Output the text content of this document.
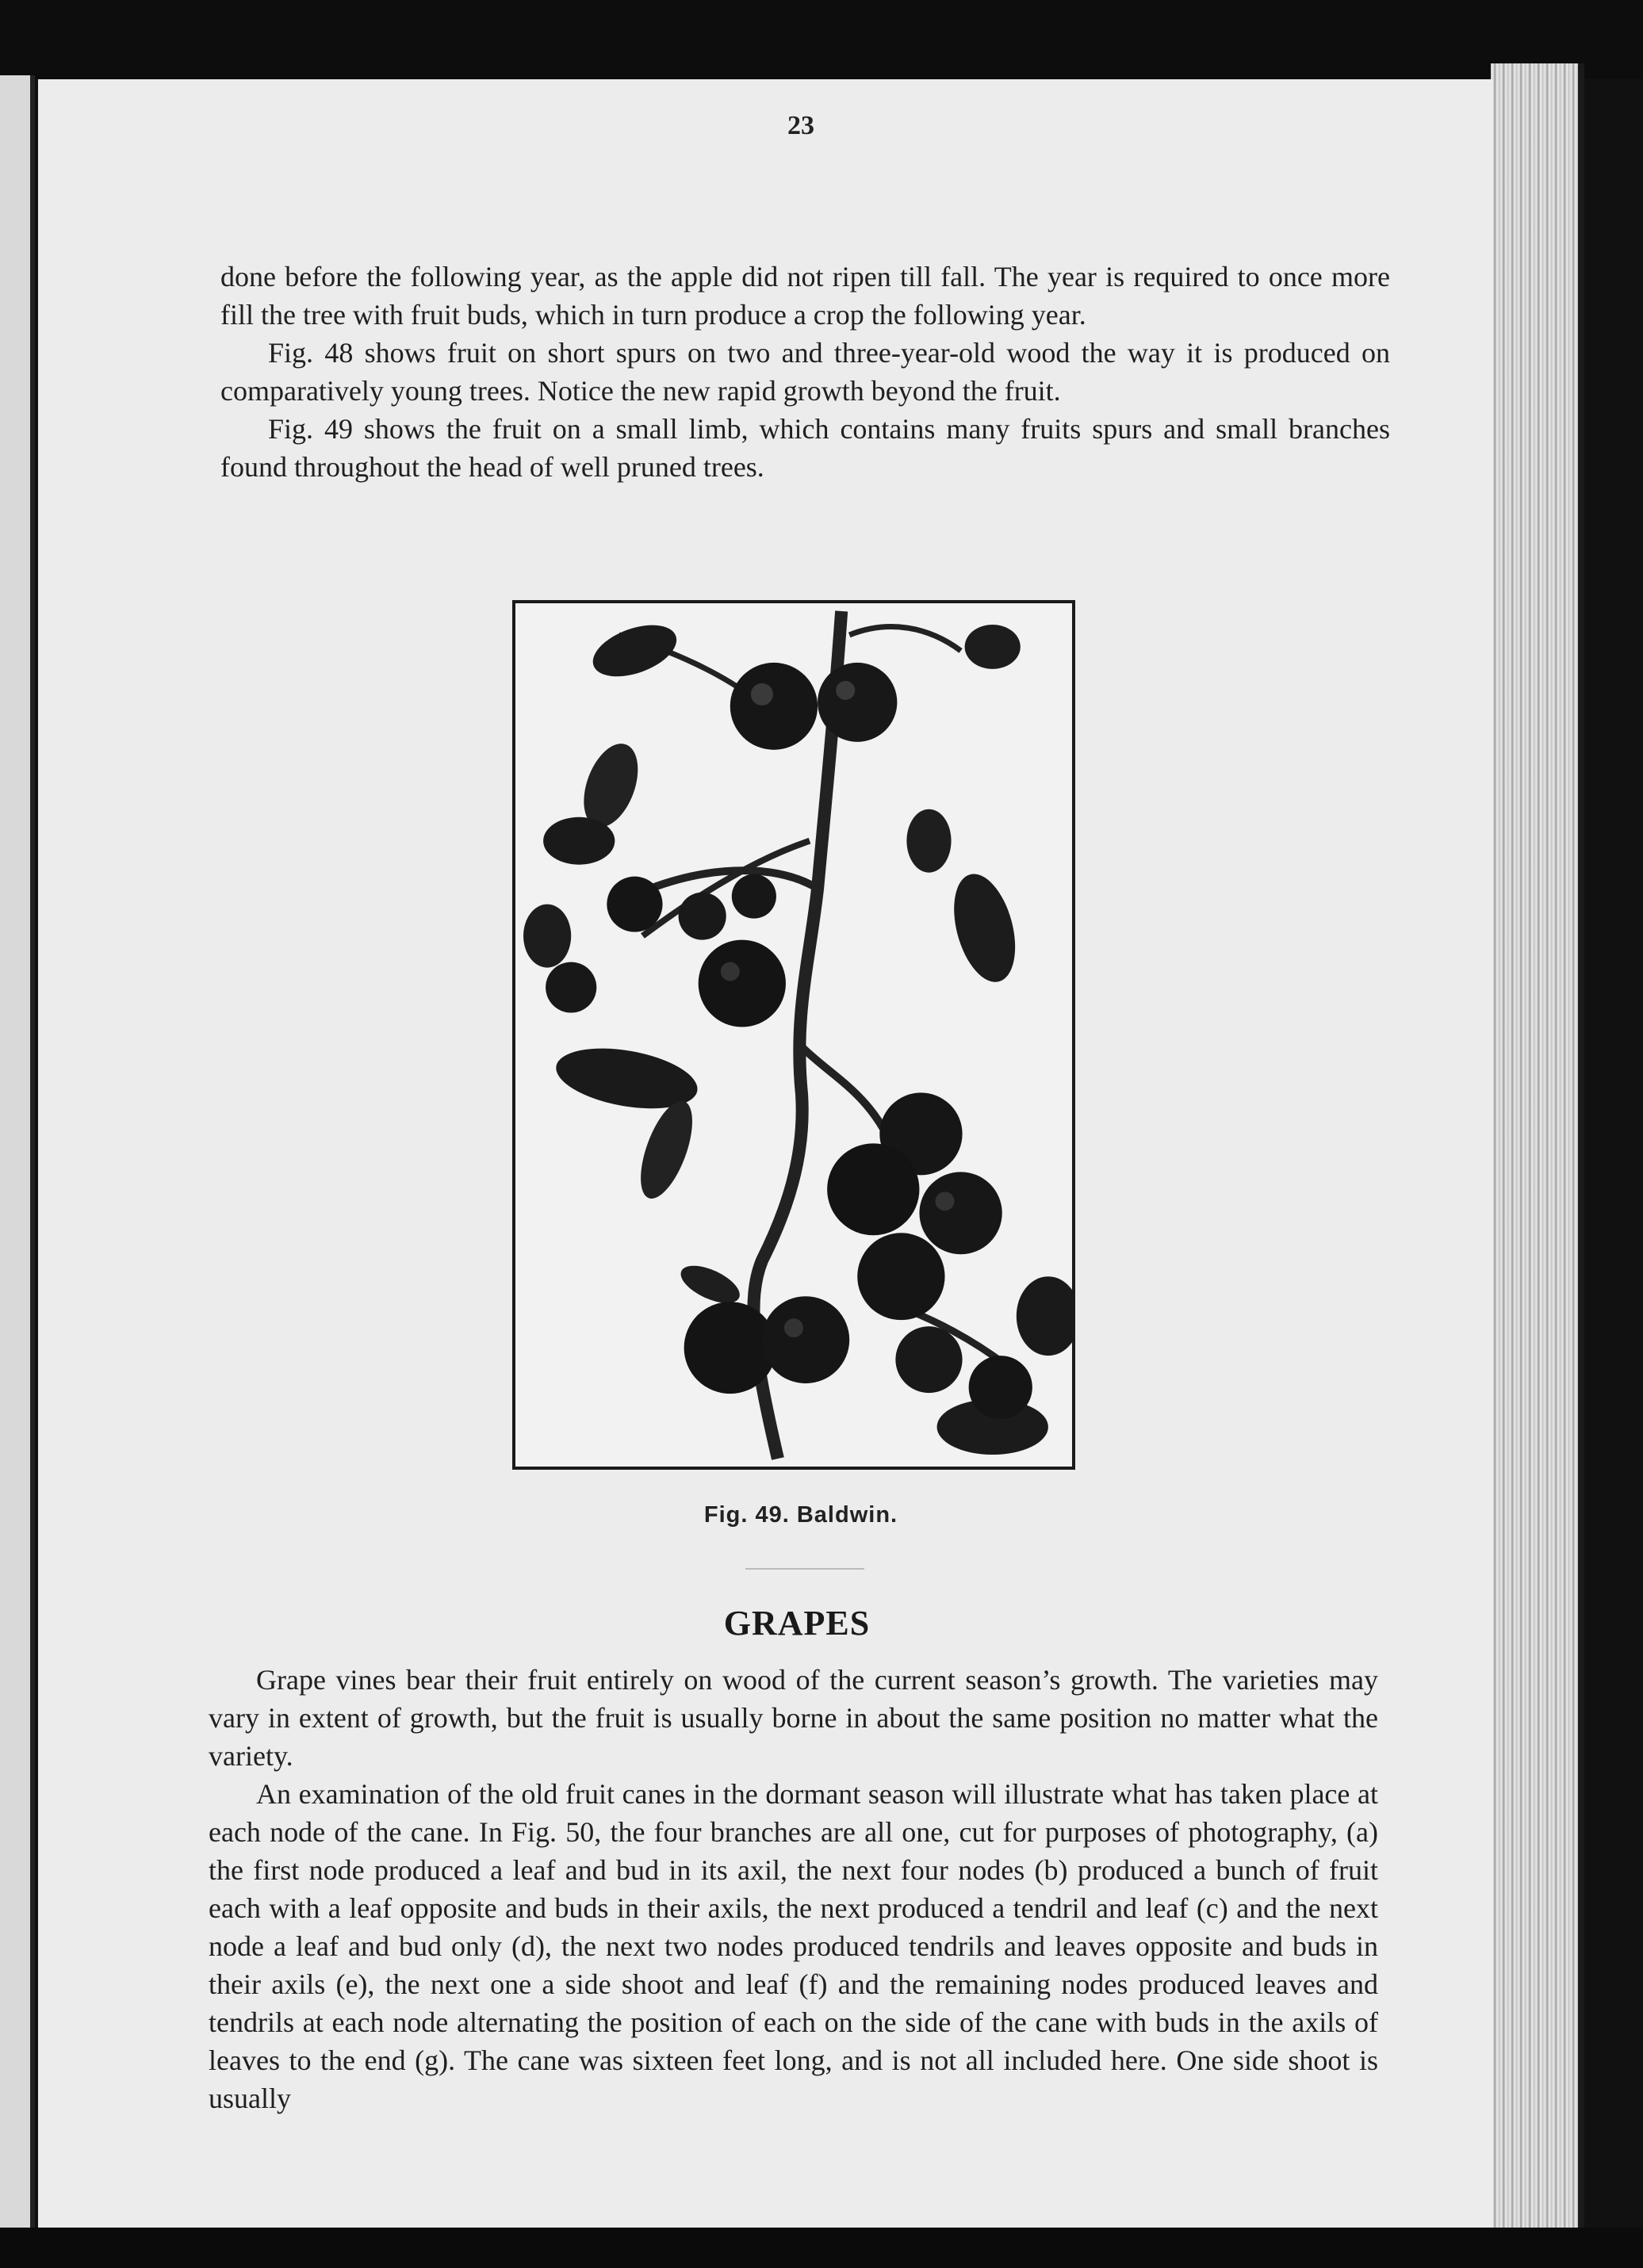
23

done before the following year, as the apple did not ripen till fall. The year is required to once more fill the tree with fruit buds, which in turn produce a crop the following year.

Fig. 48 shows fruit on short spurs on two and three-year-old wood the way it is produced on comparatively young trees. Notice the new rapid growth beyond the fruit.

Fig. 49 shows the fruit on a small limb, which contains many fruits spurs and small branches found throughout the head of well pruned trees.

Fig. 49. Baldwin.
GRAPES

Grape vines bear their fruit entirely on wood of the current season’s growth. The varieties may vary in extent of growth, but the fruit is usually borne in about the same position no matter what the variety.

An examination of the old fruit canes in the dormant season will illustrate what has taken place at each node of the cane. In Fig. 50, the four branches are all one, cut for purposes of photography, (a) the first node produced a leaf and bud in its axil, the next four nodes (b) produced a bunch of fruit each with a leaf opposite and buds in their axils, the next produced a tendril and leaf (c) and the next node a leaf and bud only (d), the next two nodes produced tendrils and leaves opposite and buds in their axils (e), the next one a side shoot and leaf (f) and the remaining nodes produced leaves and tendrils at each node alternating the position of each on the side of the cane with buds in the axils of leaves to the end (g). The cane was sixteen feet long, and is not all included here. One side shoot is usually
